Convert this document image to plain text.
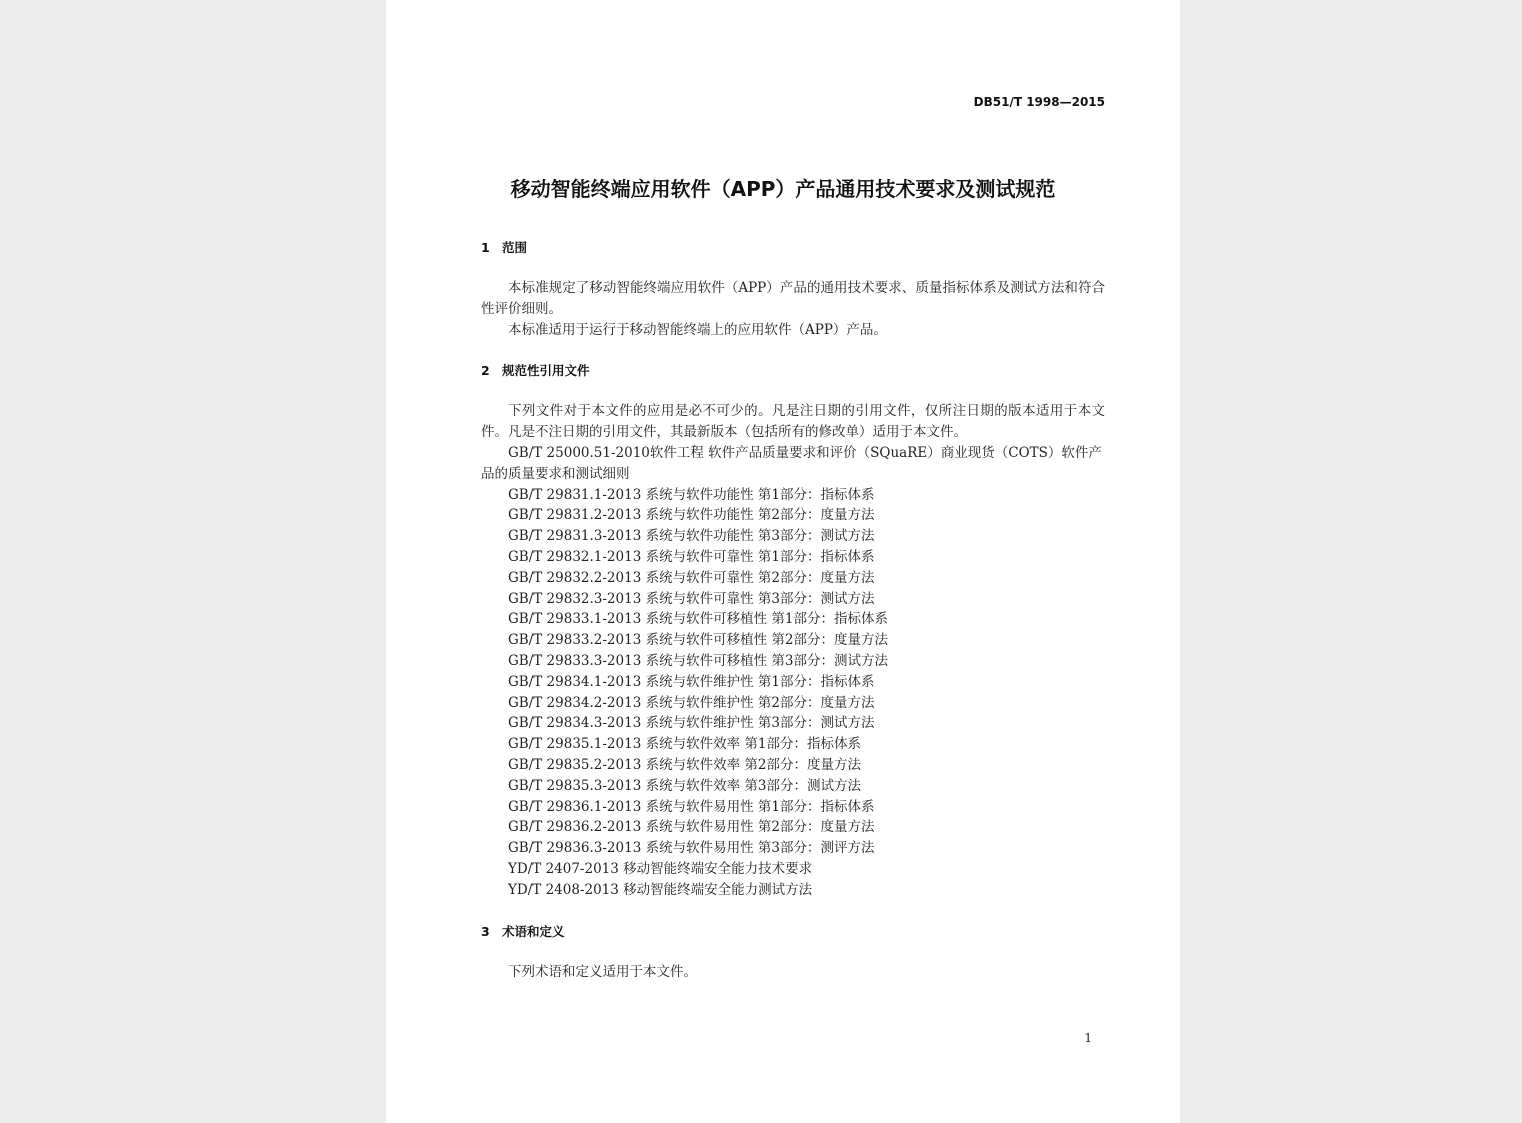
DB51/T 1998—2015
移动智能终端应用软件（APP）产品通用技术要求及测试规范
1 范围

本标准规定了移动智能终端应用软件（APP）产品的通用技术要求、质量指标体系及测试方法和符合性评价细则。

本标准适用于运行于移动智能终端上的应用软件（APP）产品。

2 规范性引用文件

下列文件对于本文件的应用是必不可少的。凡是注日期的引用文件，仅所注日期的版本适用于本文件。凡是不注日期的引用文件，其最新版本（包括所有的修改单）适用于本文件。

GB/T 25000.51-2010软件工程 软件产品质量要求和评价（SQuaRE）商业现货（COTS）软件产品的质量要求和测试细则
GB/T 29831.1-2013 系统与软件功能性 第1部分：指标体系
GB/T 29831.2-2013 系统与软件功能性 第2部分：度量方法
GB/T 29831.3-2013 系统与软件功能性 第3部分：测试方法
GB/T 29832.1-2013 系统与软件可靠性 第1部分：指标体系
GB/T 29832.2-2013 系统与软件可靠性 第2部分：度量方法
GB/T 29832.3-2013 系统与软件可靠性 第3部分：测试方法
GB/T 29833.1-2013 系统与软件可移植性 第1部分：指标体系
GB/T 29833.2-2013 系统与软件可移植性 第2部分：度量方法
GB/T 29833.3-2013 系统与软件可移植性 第3部分：测试方法
GB/T 29834.1-2013 系统与软件维护性 第1部分：指标体系
GB/T 29834.2-2013 系统与软件维护性 第2部分：度量方法
GB/T 29834.3-2013 系统与软件维护性 第3部分：测试方法
GB/T 29835.1-2013 系统与软件效率 第1部分：指标体系
GB/T 29835.2-2013 系统与软件效率 第2部分：度量方法
GB/T 29835.3-2013 系统与软件效率 第3部分：测试方法
GB/T 29836.1-2013 系统与软件易用性 第1部分：指标体系
GB/T 29836.2-2013 系统与软件易用性 第2部分：度量方法
GB/T 29836.3-2013 系统与软件易用性 第3部分：测评方法
YD/T 2407-2013 移动智能终端安全能力技术要求
YD/T 2408-2013 移动智能终端安全能力测试方法
3 术语和定义

下列术语和定义适用于本文件。

1
